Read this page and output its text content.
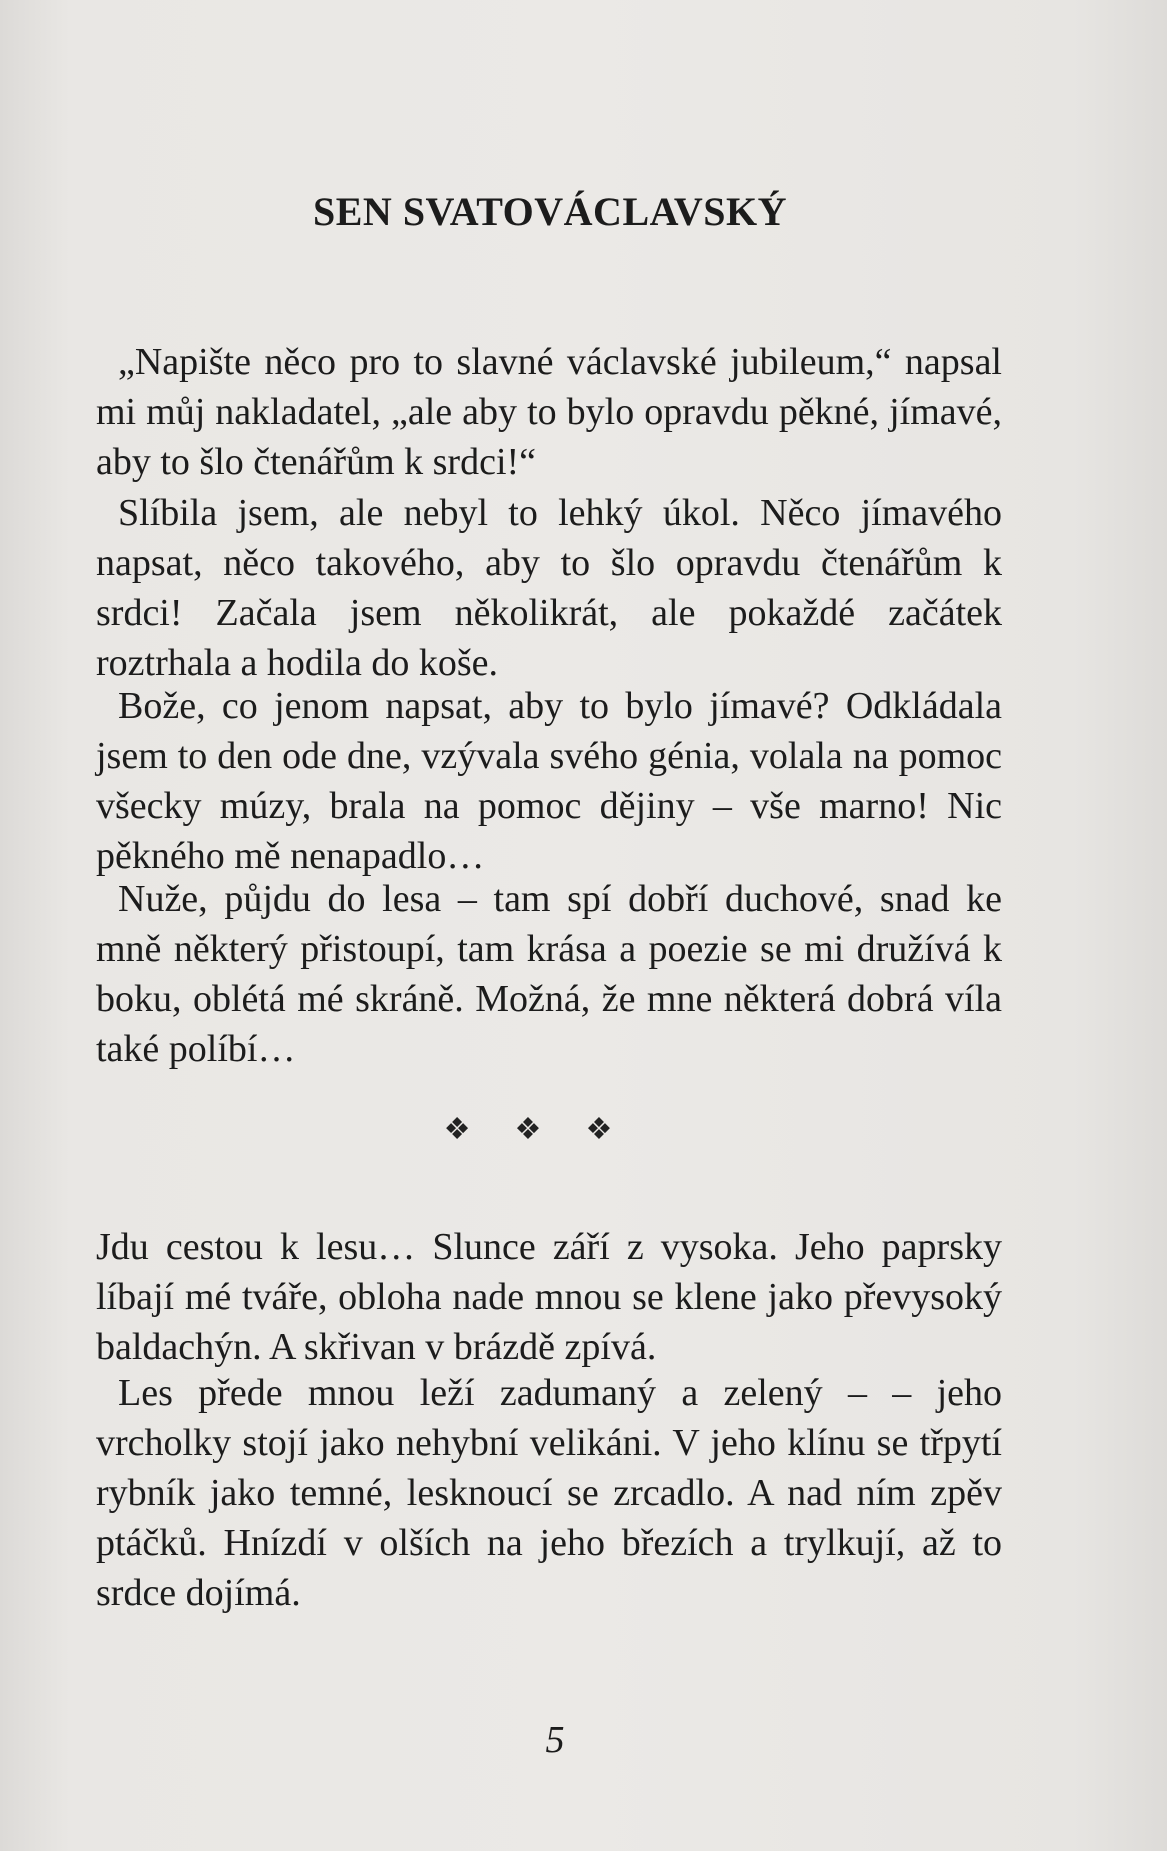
SEN SVATOVÁCLAVSKÝ

„Napište něco pro to slavné václavské jubileum,“ napsal mi můj nakladatel, „ale aby to bylo opravdu pěkné, jímavé, aby to šlo čtenářům k srdci!“

Slíbila jsem, ale nebyl to lehký úkol. Něco jímavého napsat, něco takového, aby to šlo opravdu čtenářům k srdci! Začala jsem několikrát, ale pokaždé začátek roztrhala a hodila do koše.

Bože, co jenom napsat, aby to bylo jímavé? Odkládala jsem to den ode dne, vzývala svého génia, volala na pomoc všecky múzy, brala na pomoc dějiny – vše marno! Nic pěkného mě nenapadlo…

Nuže, půjdu do lesa – tam spí dobří duchové, snad ke mně některý přistoupí, tam krása a poezie se mi družívá k boku, oblétá mé skráně. Možná, že mne některá dobrá víla také políbí…

❖❖❖

Jdu cestou k lesu… Slunce září z vysoka. Jeho paprsky líbají mé tváře, obloha nade mnou se klene jako převysoký baldachýn. A skřivan v brázdě zpívá.

Les přede mnou leží zadumaný a zelený – – jeho vrcholky stojí jako nehybní velikáni. V jeho klínu se třpytí rybník jako temné, lesknoucí se zrcadlo. A nad ním zpěv ptáčků. Hnízdí v olších na jeho březích a trylkují, až to srdce dojímá.

5
